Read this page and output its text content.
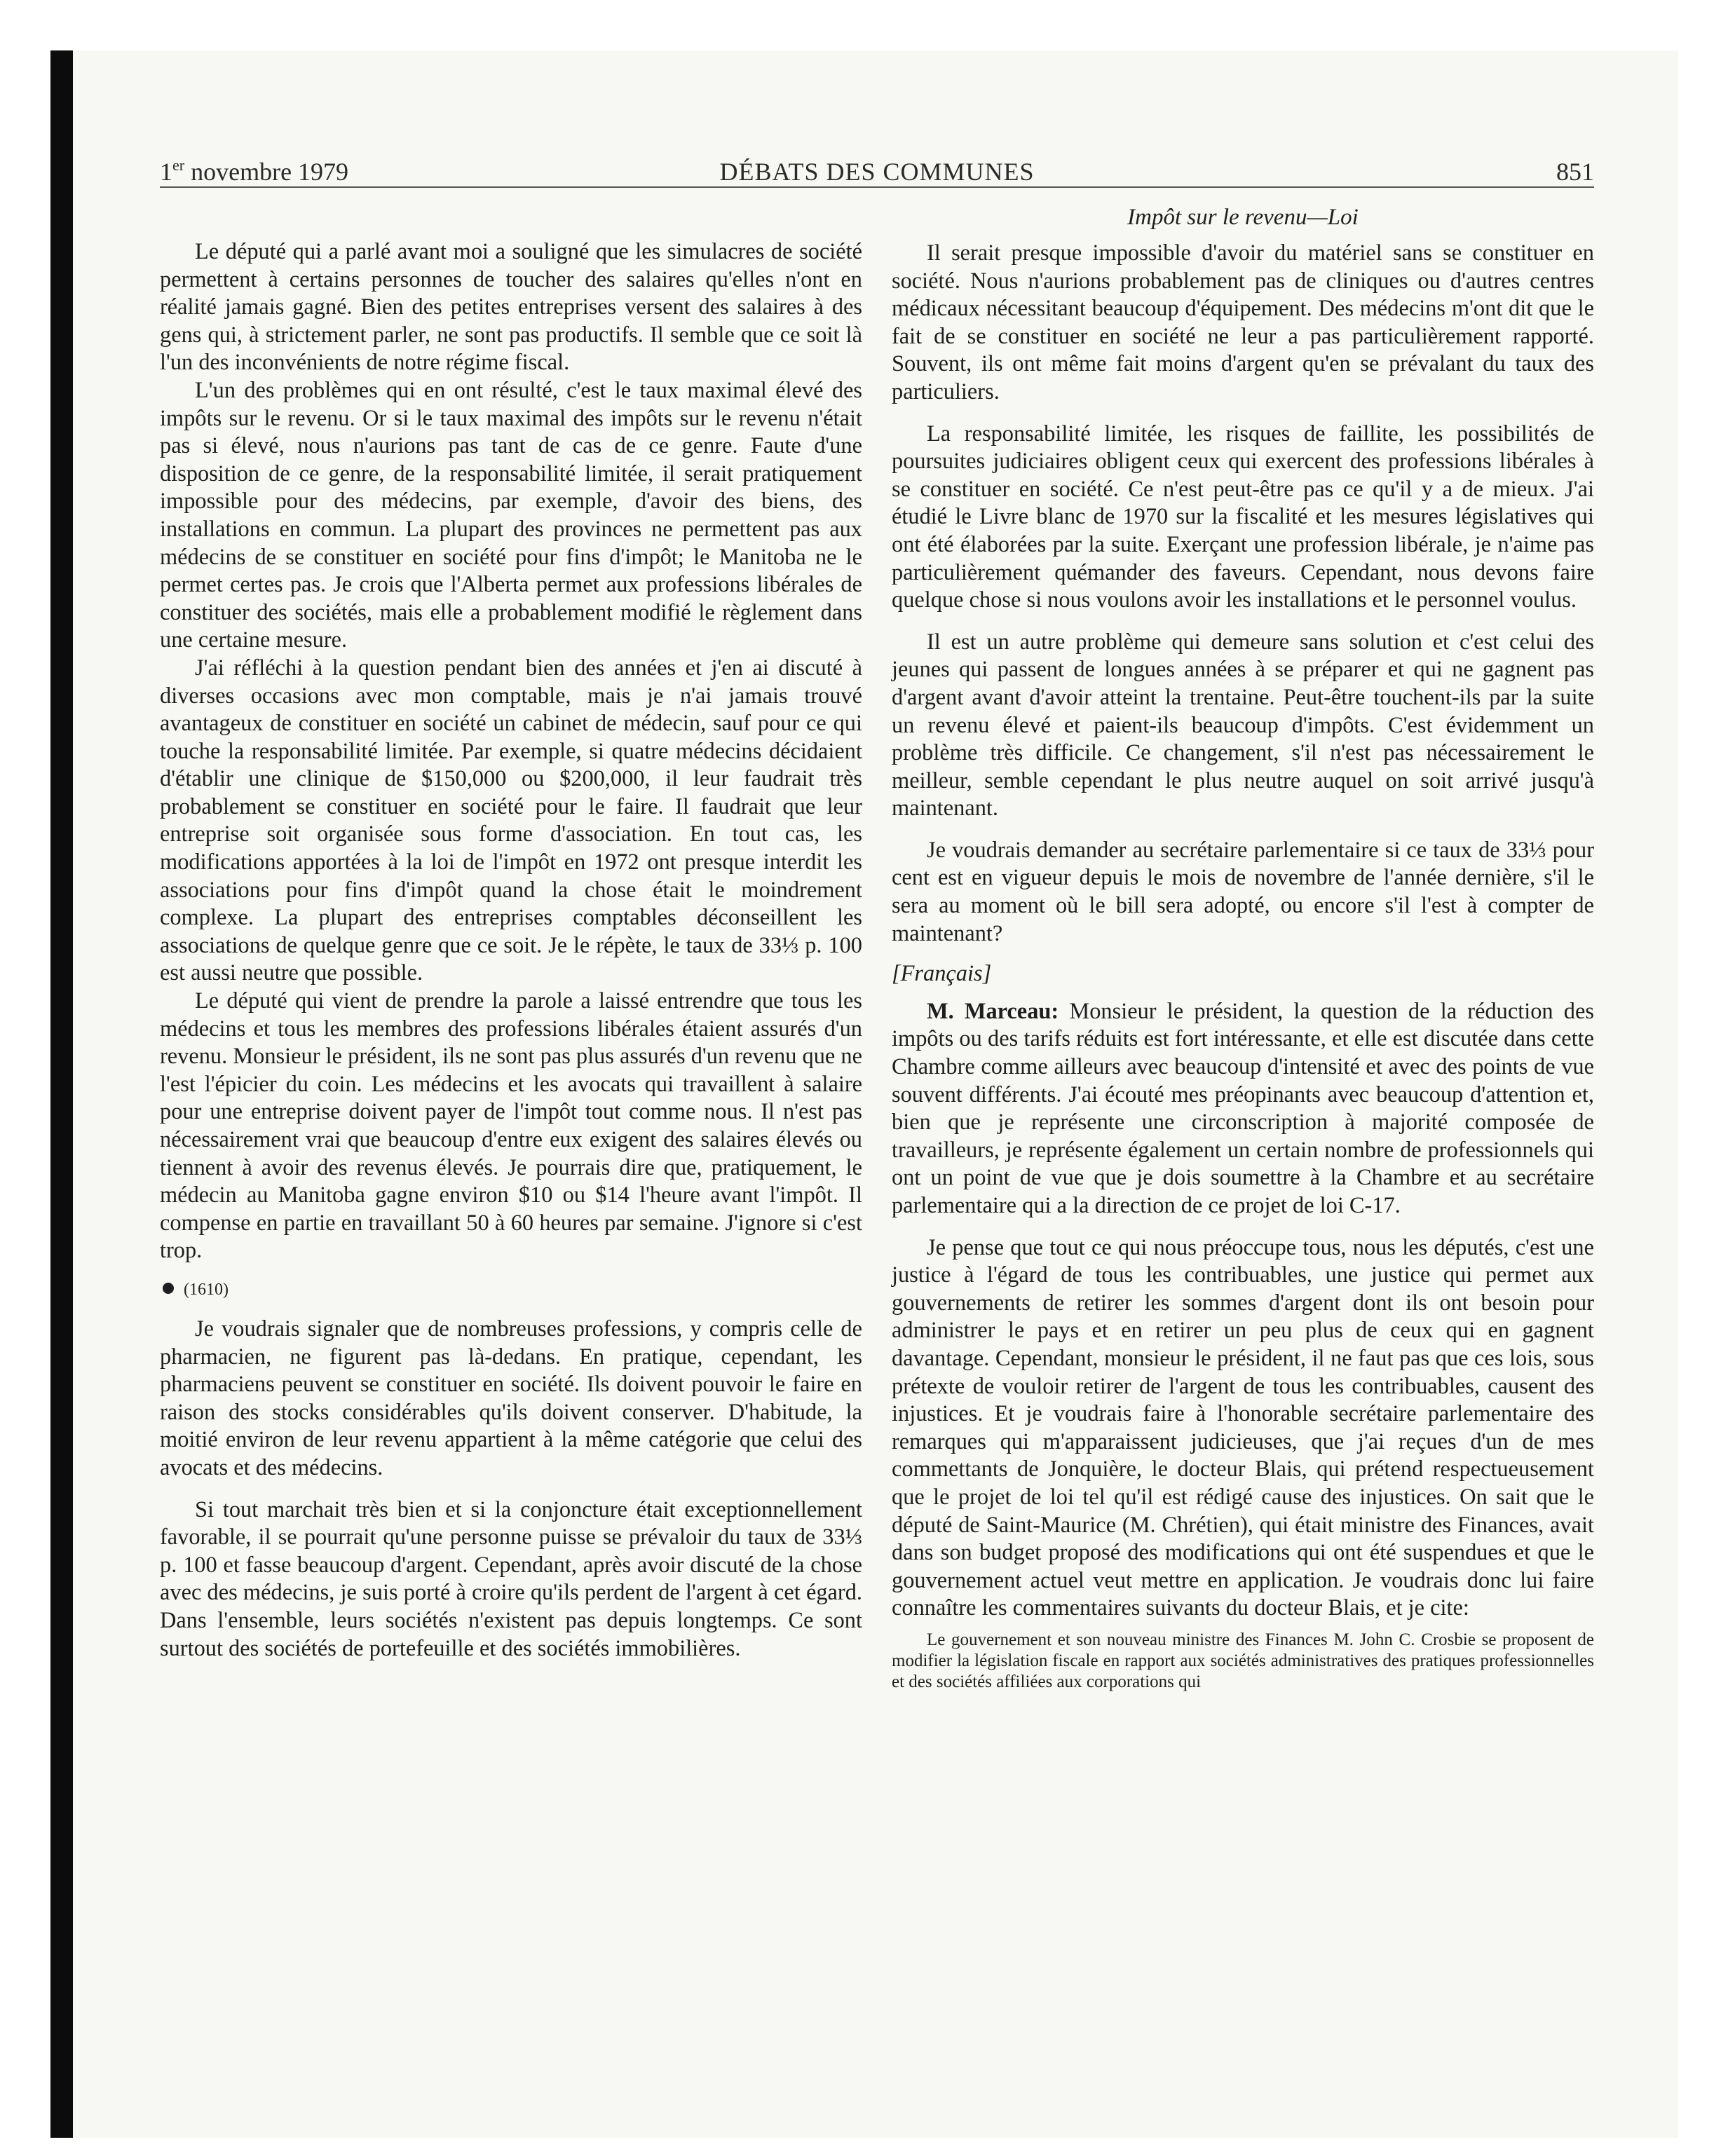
1er novembre 1979	DÉBATS DES COMMUNES	851

Le député qui a parlé avant moi a souligné que les simulacres de société permettent à certains personnes de toucher des salaires qu'elles n'ont en réalité jamais gagné. Bien des petites entreprises versent des salaires à des gens qui, à strictement parler, ne sont pas productifs. Il semble que ce soit là l'un des inconvénients de notre régime fiscal.

L'un des problèmes qui en ont résulté, c'est le taux maximal élevé des impôts sur le revenu. Or si le taux maximal des impôts sur le revenu n'était pas si élevé, nous n'aurions pas tant de cas de ce genre. Faute d'une disposition de ce genre, de la responsabilité limitée, il serait pratiquement impossible pour des médecins, par exemple, d'avoir des biens, des installations en commun. La plupart des provinces ne permettent pas aux médecins de se constituer en société pour fins d'impôt; le Manitoba ne le permet certes pas. Je crois que l'Alberta permet aux professions libérales de constituer des sociétés, mais elle a probablement modifié le règlement dans une certaine mesure.

J'ai réfléchi à la question pendant bien des années et j'en ai discuté à diverses occasions avec mon comptable, mais je n'ai jamais trouvé avantageux de constituer en société un cabinet de médecin, sauf pour ce qui touche la responsabilité limitée. Par exemple, si quatre médecins décidaient d'établir une clinique de $150,000 ou $200,000, il leur faudrait très probablement se constituer en société pour le faire. Il faudrait que leur entreprise soit organisée sous forme d'association. En tout cas, les modifications apportées à la loi de l'impôt en 1972 ont presque interdit les associations pour fins d'impôt quand la chose était le moindrement complexe. La plupart des entreprises comptables déconseillent les associations de quelque genre que ce soit. Je le répète, le taux de 33⅓ p. 100 est aussi neutre que possible.

Le député qui vient de prendre la parole a laissé entrendre que tous les médecins et tous les membres des professions libérales étaient assurés d'un revenu. Monsieur le président, ils ne sont pas plus assurés d'un revenu que ne l'est l'épicier du coin. Les médecins et les avocats qui travaillent à salaire pour une entreprise doivent payer de l'impôt tout comme nous. Il n'est pas nécessairement vrai que beaucoup d'entre eux exigent des salaires élevés ou tiennent à avoir des revenus élevés. Je pourrais dire que, pratiquement, le médecin au Manitoba gagne environ $10 ou $14 l'heure avant l'impôt. Il compense en partie en travaillant 50 à 60 heures par semaine. J'ignore si c'est trop.

(1610)

Je voudrais signaler que de nombreuses professions, y compris celle de pharmacien, ne figurent pas là-dedans. En pratique, cependant, les pharmaciens peuvent se constituer en société. Ils doivent pouvoir le faire en raison des stocks considérables qu'ils doivent conserver. D'habitude, la moitié environ de leur revenu appartient à la même catégorie que celui des avocats et des médecins.

Si tout marchait très bien et si la conjoncture était exceptionnellement favorable, il se pourrait qu'une personne puisse se prévaloir du taux de 33⅓ p. 100 et fasse beaucoup d'argent. Cependant, après avoir discuté de la chose avec des médecins, je suis porté à croire qu'ils perdent de l'argent à cet égard. Dans l'ensemble, leurs sociétés n'existent pas depuis longtemps. Ce sont surtout des sociétés de portefeuille et des sociétés immobilières.

Impôt sur le revenu—Loi

Il serait presque impossible d'avoir du matériel sans se constituer en société. Nous n'aurions probablement pas de cliniques ou d'autres centres médicaux nécessitant beaucoup d'équipement. Des médecins m'ont dit que le fait de se constituer en société ne leur a pas particulièrement rapporté. Souvent, ils ont même fait moins d'argent qu'en se prévalant du taux des particuliers.

La responsabilité limitée, les risques de faillite, les possibilités de poursuites judiciaires obligent ceux qui exercent des professions libérales à se constituer en société. Ce n'est peut-être pas ce qu'il y a de mieux. J'ai étudié le Livre blanc de 1970 sur la fiscalité et les mesures législatives qui ont été élaborées par la suite. Exerçant une profession libérale, je n'aime pas particulièrement quémander des faveurs. Cependant, nous devons faire quelque chose si nous voulons avoir les installations et le personnel voulus.

Il est un autre problème qui demeure sans solution et c'est celui des jeunes qui passent de longues années à se préparer et qui ne gagnent pas d'argent avant d'avoir atteint la trentaine. Peut-être touchent-ils par la suite un revenu élevé et paient-ils beaucoup d'impôts. C'est évidemment un problème très difficile. Ce changement, s'il n'est pas nécessairement le meilleur, semble cependant le plus neutre auquel on soit arrivé jusqu'à maintenant.

Je voudrais demander au secrétaire parlementaire si ce taux de 33⅓ pour cent est en vigueur depuis le mois de novembre de l'année dernière, s'il le sera au moment où le bill sera adopté, ou encore s'il l'est à compter de maintenant?

[Français]

M. Marceau: Monsieur le président, la question de la réduction des impôts ou des tarifs réduits est fort intéressante, et elle est discutée dans cette Chambre comme ailleurs avec beaucoup d'intensité et avec des points de vue souvent différents. J'ai écouté mes préopinants avec beaucoup d'attention et, bien que je représente une circonscription à majorité composée de travailleurs, je représente également un certain nombre de professionnels qui ont un point de vue que je dois soumettre à la Chambre et au secrétaire parlementaire qui a la direction de ce projet de loi C-17.

Je pense que tout ce qui nous préoccupe tous, nous les députés, c'est une justice à l'égard de tous les contribuables, une justice qui permet aux gouvernements de retirer les sommes d'argent dont ils ont besoin pour administrer le pays et en retirer un peu plus de ceux qui en gagnent davantage. Cependant, monsieur le président, il ne faut pas que ces lois, sous prétexte de vouloir retirer de l'argent de tous les contribuables, causent des injustices. Et je voudrais faire à l'honorable secrétaire parlementaire des remarques qui m'apparaissent judicieuses, que j'ai reçues d'un de mes commettants de Jonquière, le docteur Blais, qui prétend respectueusement que le projet de loi tel qu'il est rédigé cause des injustices. On sait que le député de Saint-Maurice (M. Chrétien), qui était ministre des Finances, avait dans son budget proposé des modifications qui ont été suspendues et que le gouvernement actuel veut mettre en application. Je voudrais donc lui faire connaître les commentaires suivants du docteur Blais, et je cite:

Le gouvernement et son nouveau ministre des Finances M. John C. Crosbie se proposent de modifier la législation fiscale en rapport aux sociétés administratives des pratiques professionnelles et des sociétés affiliées aux corporations qui
